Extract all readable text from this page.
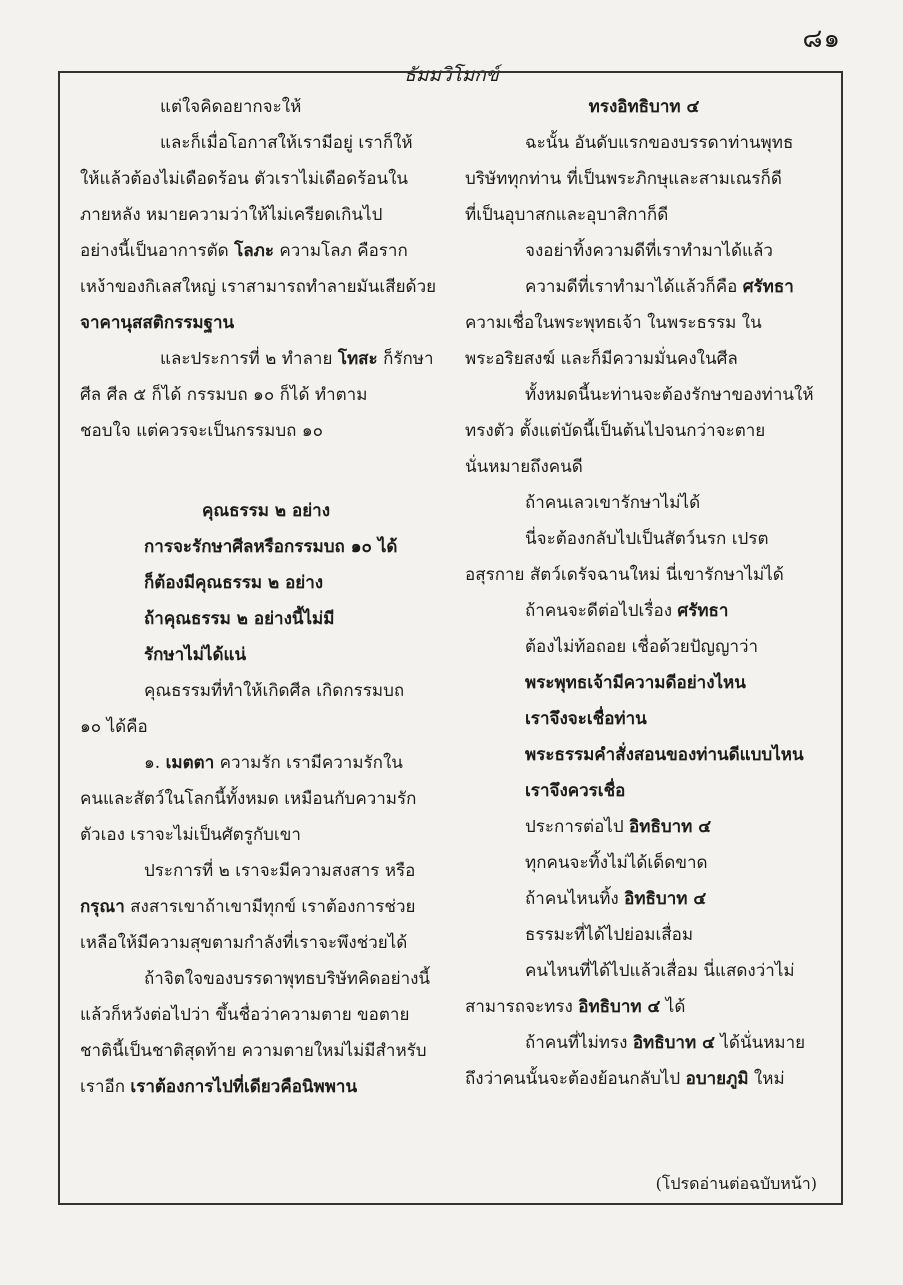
๘๑
ธัมมวิโมกข์
แต่ใจคิดอยากจะให้
และก็เมื่อโอกาสให้เรามีอยู่ เราก็ให้
ให้แล้วต้องไม่เดือดร้อน ตัวเราไม่เดือดร้อนใน
ภายหลัง หมายความว่าให้ไม่เครียดเกินไป
อย่างนี้เป็นอาการตัด โลภะ ความโลภ คือราก
เหง้าของกิเลสใหญ่ เราสามารถทำลายมันเสียด้วย
จาคานุสสติกรรมฐาน
และประการที่ ๒ ทำลาย โทสะ ก็รักษา
ศีล ศีล ๕ ก็ได้ กรรมบถ ๑๐ ก็ได้ ทำตาม
ชอบใจ แต่ควรจะเป็นกรรมบถ ๑๐
คุณธรรม ๒ อย่าง
การจะรักษาศีลหรือกรรมบถ ๑๐ ได้
ก็ต้องมีคุณธรรม ๒ อย่าง
ถ้าคุณธรรม ๒ อย่างนี้ไม่มี
รักษาไม่ได้แน่
คุณธรรมที่ทำให้เกิดศีล เกิดกรรมบถ
๑๐ ได้คือ
๑. เมตตา ความรัก เรามีความรักใน
คนและสัตว์ในโลกนี้ทั้งหมด เหมือนกับความรัก
ตัวเอง เราจะไม่เป็นศัตรูกับเขา
ประการที่ ๒ เราจะมีความสงสาร หรือ
กรุณา สงสารเขาถ้าเขามีทุกข์ เราต้องการช่วย
เหลือให้มีความสุขตามกำลังที่เราจะพึงช่วยได้
ถ้าจิตใจของบรรดาพุทธบริษัทคิดอย่างนี้
แล้วก็หวังต่อไปว่า ขึ้นชื่อว่าความตาย ขอตาย
ชาตินี้เป็นชาติสุดท้าย ความตายใหม่ไม่มีสำหรับ
เราอีก เราต้องการไปที่เดียวคือนิพพาน
ทรงอิทธิบาท ๔
ฉะนั้น อันดับแรกของบรรดาท่านพุทธ
บริษัททุกท่าน ที่เป็นพระภิกษุและสามเณรก็ดี
ที่เป็นอุบาสกและอุบาสิกาก็ดี
จงอย่าทิ้งความดีที่เราทำมาได้แล้ว
ความดีที่เราทำมาได้แล้วก็คือ ศรัทธา
ความเชื่อในพระพุทธเจ้า ในพระธรรม ใน
พระอริยสงฆ์ และก็มีความมั่นคงในศีล
ทั้งหมดนี้นะท่านจะต้องรักษาของท่านให้
ทรงตัว ตั้งแต่บัดนี้เป็นต้นไปจนกว่าจะตาย
นั่นหมายถึงคนดี
ถ้าคนเลวเขารักษาไม่ได้
นี่จะต้องกลับไปเป็นสัตว์นรก เปรต
อสุรกาย สัตว์เดรัจฉานใหม่ นี่เขารักษาไม่ได้
ถ้าคนจะดีต่อไปเรื่อง ศรัทธา
ต้องไม่ท้อถอย เชื่อด้วยปัญญาว่า
พระพุทธเจ้ามีความดีอย่างไหน
เราจึงจะเชื่อท่าน
พระธรรมคำสั่งสอนของท่านดีแบบไหน
เราจึงควรเชื่อ
ประการต่อไป อิทธิบาท ๔
ทุกคนจะทิ้งไม่ได้เด็ดขาด
ถ้าคนไหนทิ้ง อิทธิบาท ๔
ธรรมะที่ได้ไปย่อมเสื่อม
คนไหนที่ได้ไปแล้วเสื่อม นี่แสดงว่าไม่
สามารถจะทรง อิทธิบาท ๔ ได้
ถ้าคนที่ไม่ทรง อิทธิบาท ๔ ได้นั่นหมาย
ถึงว่าคนนั้นจะต้องย้อนกลับไป อบายภูมิ ใหม่
(โปรดอ่านต่อฉบับหน้า)
